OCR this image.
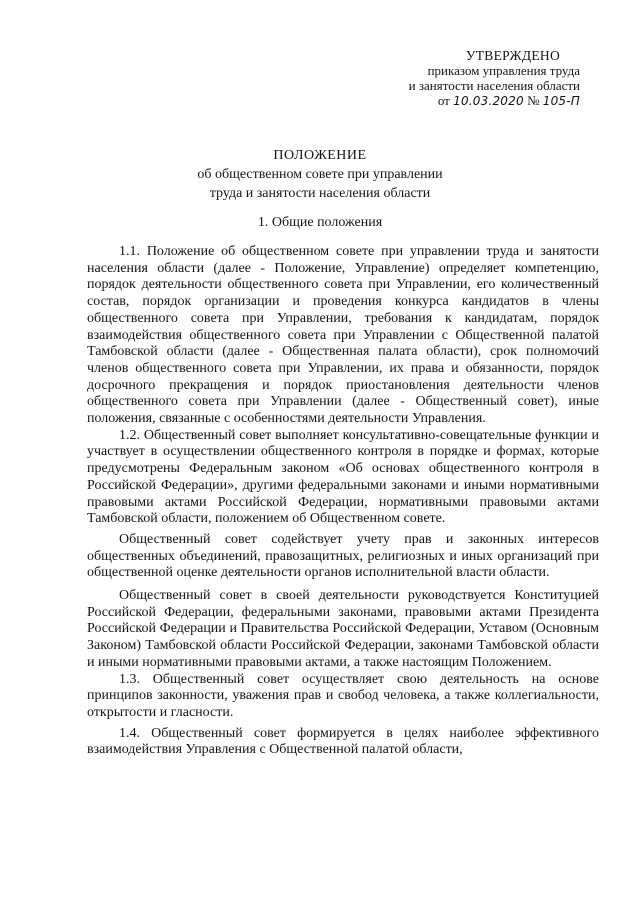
УТВЕРЖДЕНО
приказом управления труда
и занятости населения области
от 10.03.2020 № 105-П
ПОЛОЖЕНИЕ
об общественном совете при управлении
труда и занятости населения области
1. Общие положения

1.1. Положение об общественном совете при управлении труда и занятости населения области (далее - Положение, Управление) определяет компетенцию, порядок деятельности общественного совета при Управлении, его количественный состав, порядок организации и проведения конкурса кандидатов в члены общественного совета при Управлении, требования к кандидатам, порядок взаимодействия общественного совета при Управлении с Общественной палатой Тамбовской области (далее - Общественная палата области), срок полномочий членов общественного совета при Управлении, их права и обязанности, порядок досрочного прекращения и порядок приостановления деятельности членов общественного совета при Управлении (далее - Общественный совет), иные положения, связанные с особенностями деятельности Управления.

1.2. Общественный совет выполняет консультативно-совещательные функции и участвует в осуществлении общественного контроля в порядке и формах, которые предусмотрены Федеральным законом «Об основах общественного контроля в Российской Федерации», другими федеральными законами и иными нормативными правовыми актами Российской Федерации, нормативными правовыми актами Тамбовской области, положением об Общественном совете.

Общественный совет содействует учету прав и законных интересов общественных объединений, правозащитных, религиозных и иных организаций при общественной оценке деятельности органов исполнительной власти области.

Общественный совет в своей деятельности руководствуется Конституцией Российской Федерации, федеральными законами, правовыми актами Президента Российской Федерации и Правительства Российской Федерации, Уставом (Основным Законом) Тамбовской области Российской Федерации, законами Тамбовской области и иными нормативными правовыми актами, а также настоящим Положением.

1.3. Общественный совет осуществляет свою деятельность на основе принципов законности, уважения прав и свобод человека, а также коллегиальности, открытости и гласности.

1.4. Общественный совет формируется в целях наиболее эффективного взаимодействия Управления с Общественной палатой области,
